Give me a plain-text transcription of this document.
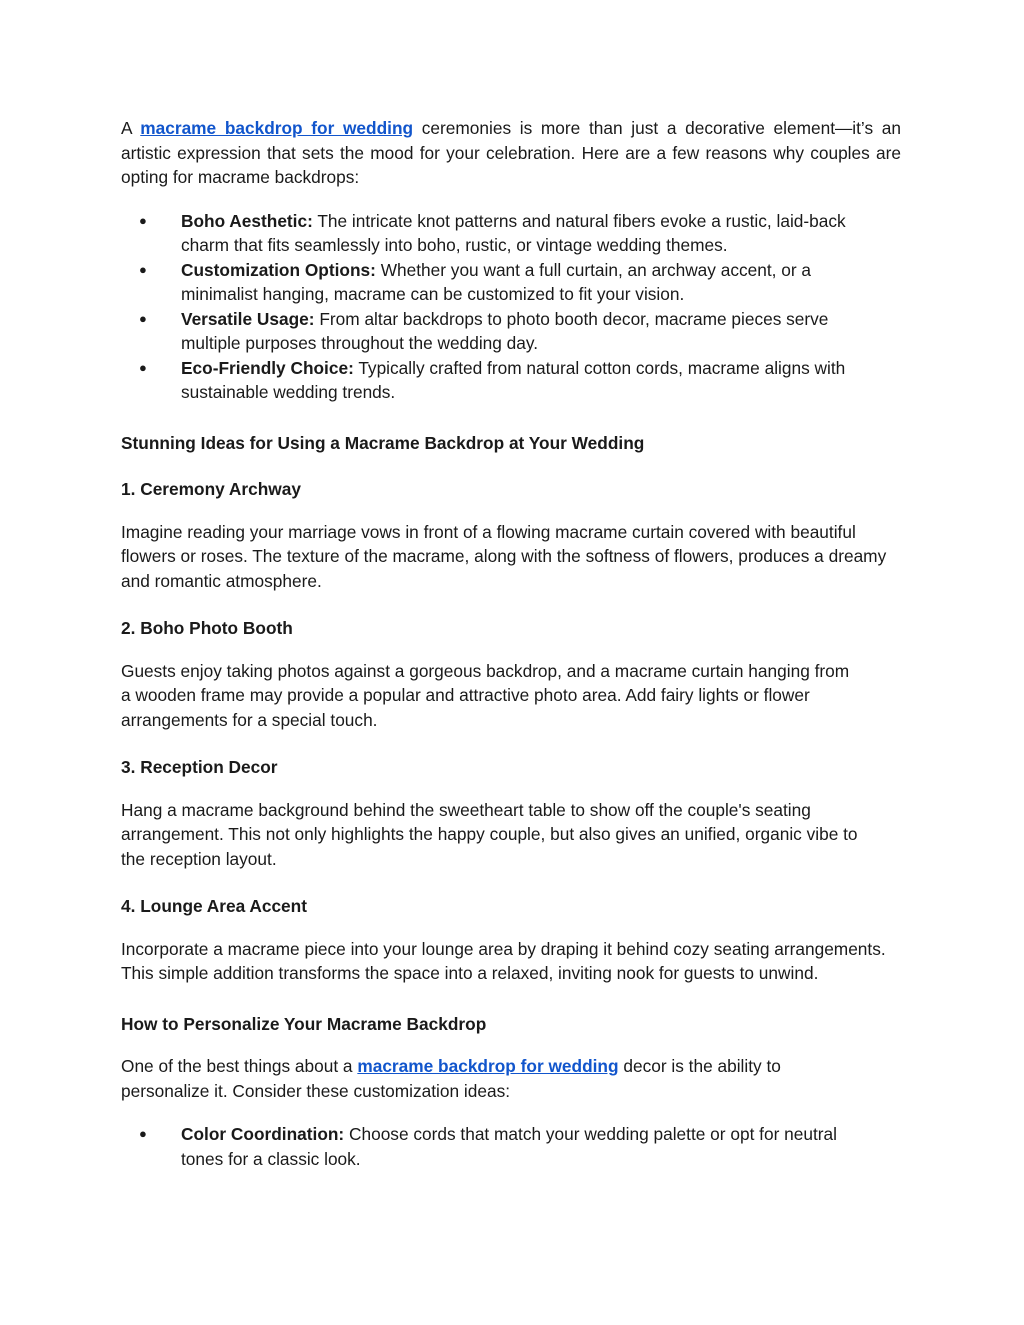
A macrame backdrop for wedding ceremonies is more than just a decorative element—it’s an artistic expression that sets the mood for your celebration. Here are a few reasons why couples are opting for macrame backdrops:

● Boho Aesthetic: The intricate knot patterns and natural fibers evoke a rustic, laid-back charm that fits seamlessly into boho, rustic, or vintage wedding themes.
● Customization Options: Whether you want a full curtain, an archway accent, or a minimalist hanging, macrame can be customized to fit your vision.
● Versatile Usage: From altar backdrops to photo booth decor, macrame pieces serve multiple purposes throughout the wedding day.
● Eco-Friendly Choice: Typically crafted from natural cotton cords, macrame aligns with sustainable wedding trends.

Stunning Ideas for Using a Macrame Backdrop at Your Wedding

1. Ceremony Archway

Imagine reading your marriage vows in front of a flowing macrame curtain covered with beautiful flowers or roses. The texture of the macrame, along with the softness of flowers, produces a dreamy and romantic atmosphere.

2. Boho Photo Booth

Guests enjoy taking photos against a gorgeous backdrop, and a macrame curtain hanging from a wooden frame may provide a popular and attractive photo area. Add fairy lights or flower arrangements for a special touch.

3. Reception Decor

Hang a macrame background behind the sweetheart table to show off the couple's seating arrangement. This not only highlights the happy couple, but also gives an unified, organic vibe to the reception layout.

4. Lounge Area Accent

Incorporate a macrame piece into your lounge area by draping it behind cozy seating arrangements. This simple addition transforms the space into a relaxed, inviting nook for guests to unwind.

How to Personalize Your Macrame Backdrop

One of the best things about a macrame backdrop for wedding decor is the ability to personalize it. Consider these customization ideas:

● Color Coordination: Choose cords that match your wedding palette or opt for neutral tones for a classic look.
